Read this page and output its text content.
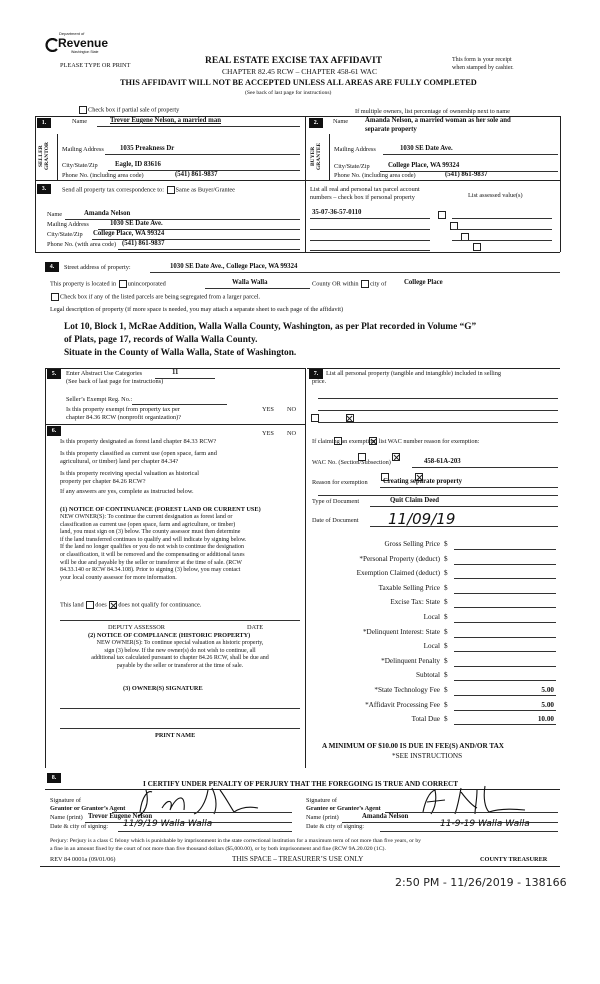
Department of
Revenue
Washington State
PLEASE TYPE OR PRINT	REAL ESTATE EXCISE TAX AFFIDAVIT
CHAPTER 82.45 RCW – CHAPTER 458-61 WAC
This form is your receipt
when stamped by cashier.
THIS AFFIDAVIT WILL NOT BE ACCEPTED UNLESS ALL AREAS ARE FULLY COMPLETED
(See back of last page for instructions)
Check box if partial sale of property	If multiple owners, list percentage of ownership next to name
1.
SELLER GRANTOR
Name	Trevor Eugene Nelson, a married man
Mailing Address 1035 Preakness Dr
City/State/Zip	Eagle, ID 83616
Phone No. (including area code)	(541) 861-9837
2.
BUYER GRANTEE
Name Amanda Nelson, a married woman as her sole and
separate property
Mailing Address	1030 SE Date Ave.
City/State/Zip	College Place, WA 99324
Phone No. (including area code)	(541) 861-9837
3.	Send all property tax correspondence to: Same as Buyer/Grantee
Name	Amanda Nelson
Mailing Address	1030 SE Date Ave.
City/State/Zip College Place, WA 99324
Phone No. (with area code) (541) 861-9837
List all real and personal tax parcel account
numbers – check box if personal property	List assessed value(s)
35-07-36-57-0110

4.	Street address of property:	1030 SE Date Ave., College Place, WA 99324
This property is located in unincorporated	Walla Walla	County OR within city of	College Place
Check box if any of the listed parcels are being segregated from a larger parcel.
Legal description of property (if more space is needed, you may attach a separate sheet to each page of the affidavit)
Lot 10, Block 1, McRae Addition, Walla Walla County, Washington, as per Plat recorded in Volume “G”
of Plats, page 17, records of Walla Walla County.
Situate in the County of Walla Walla, State of Washington.
5.	Enter Abstract Use Categories	11
(See back of last page for instructions)
Seller’s Exempt Reg. No.:
Is this property exempt from property tax per
chapter 84.36 RCW (nonprofit organization)?
YES NO

6.	YES NO
Is this property designated as forest land chapter 84.33 RCW?

Is this property classified as current use (open space, farm and
agricultural, or timber) land per chapter 84.34?

Is this property receiving special valuation as historical
property per chapter 84.26 RCW?

If any answers are yes, complete as instructed below.
(1) NOTICE OF CONTINUANCE (FOREST LAND OR CURRENT USE)
NEW OWNER(S): To continue the current designation as forest land or
classification as current use (open space, farm and agriculture, or timber)
land, you must sign on (3) below. The county assessor must then determine
if the land transferred continues to qualify and will indicate by signing below.
If the land no longer qualifies or you do not wish to continue the designation
or classification, it will be removed and the compensating or additional taxes
will be due and payable by the seller or transferor at the time of sale. (RCW
84.33.140 or RCW 84.34.108). Prior to signing (3) below, you may contact
your local county assessor for more information.
This land does does not qualify for continuance.
DEPUTY ASSESSOR	DATE
(2) NOTICE OF COMPLIANCE (HISTORIC PROPERTY)
NEW OWNER(S): To continue special valuation as historic property,
sign (3) below. If the new owner(s) do not wish to continue, all
additional tax calculated pursuant to chapter 84.26 RCW, shall be due and
payable by the seller or transferor at the time of sale.
(3) OWNER(S) SIGNATURE
PRINT NAME
7.	List all personal property (tangible and intangible) included in selling
price.
If claiming an exemption, list WAC number reason for exemption:
WAC No. (Section/Subsection)	458-61A-203
Reason for exemption Creating separate property
Type of Document	Quit Claim Deed
Date of Document 11/09/19
Gross Selling Price $
*Personal Property (deduct) $
Exemption Claimed (deduct) $
Taxable Selling Price $
Excise Tax: State $
Local $
*Delinquent Interest: State $
Local $
*Delinquent Penalty $
Subtotal $
*State Technology Fee $	5.00
*Affidavit Processing Fee $	5.00
Total Due $	10.00
A MINIMUM OF $10.00 IS DUE IN FEE(S) AND/OR TAX
*SEE INSTRUCTIONS
8.
I CERTIFY UNDER PENALTY OF PERJURY THAT THE FOREGOING IS TRUE AND CORRECT
Signature of
Grantor or Grantor’s Agent
Name (print) Trevor Eugene Nelson
Date & city of signing: 11/9/19 Walla Walla
Signature of
Grantee or Grantee’s Agent
Name (print)	Amanda Nelson
Date & city of signing:	11-9-19 Walla Walla
Perjury: Perjury is a class C felony which is punishable by imprisonment in the state correctional institution for a maximum term of not more than five years, or by
a fine in an amount fixed by the court of not more than five thousand dollars ($5,000.00), or by both imprisonment and fine (RCW 9A.20.020 (1C).
REV 84 0001a (09/01/06)	THIS SPACE – TREASURER’S USE ONLY	COUNTY TREASURER
2:50 PM - 11/26/2019 - 138166
